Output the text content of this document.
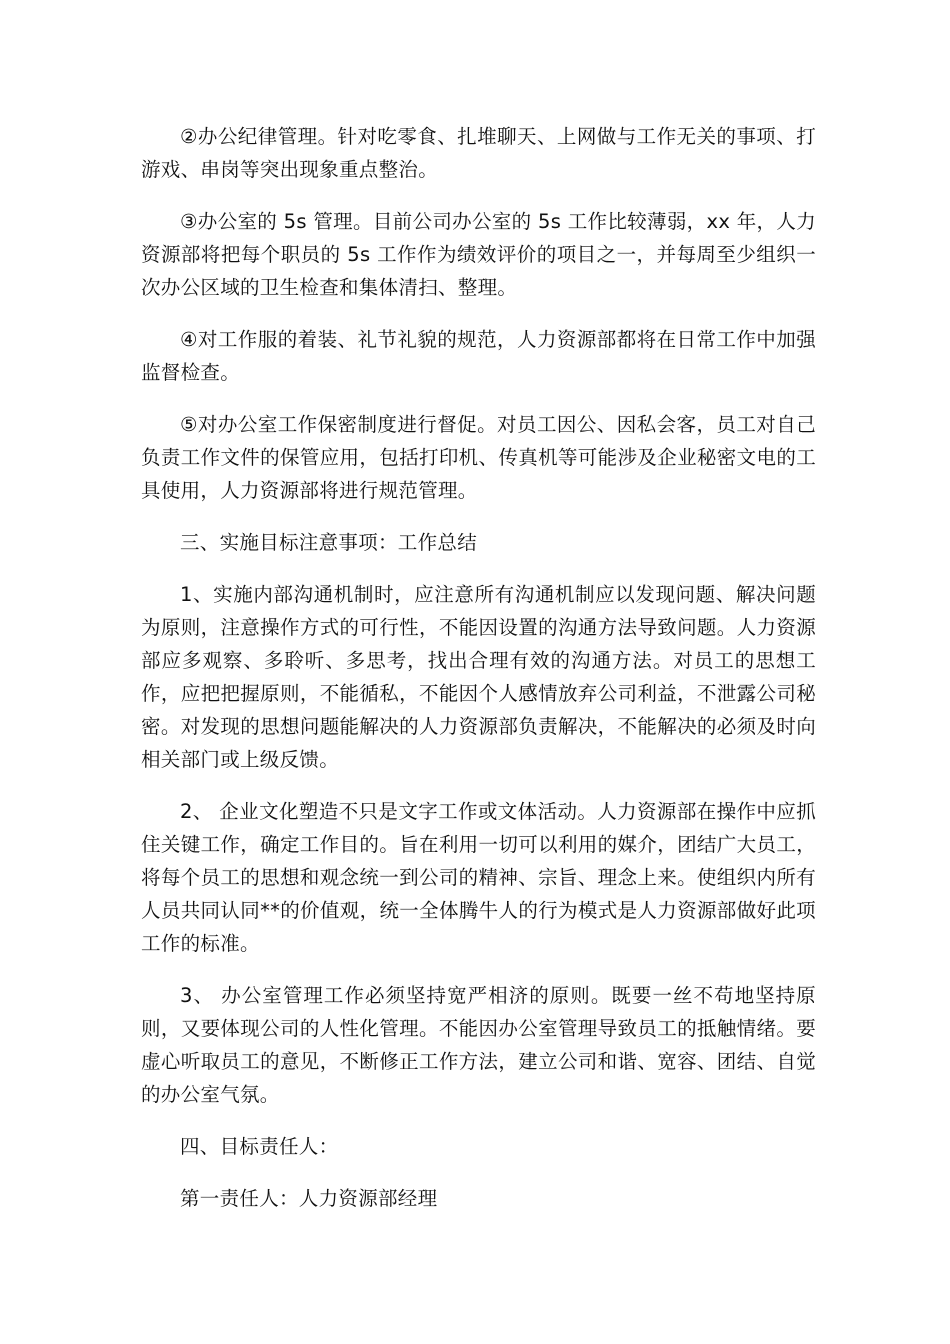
②办公纪律管理。针对吃零食、扎堆聊天、上网做与工作无关的事项、打游戏、串岗等突出现象重点整治。

③办公室的 5s 管理。目前公司办公室的 5s 工作比较薄弱，xx 年，人力资源部将把每个职员的 5s 工作作为绩效评价的项目之一，并每周至少组织一次办公区域的卫生检查和集体清扫、整理。

④对工作服的着装、礼节礼貌的规范，人力资源部都将在日常工作中加强监督检查。

⑤对办公室工作保密制度进行督促。对员工因公、因私会客，员工对自己负责工作文件的保管应用，包括打印机、传真机等可能涉及企业秘密文电的工具使用，人力资源部将进行规范管理。

三、实施目标注意事项：工作总结

1、实施内部沟通机制时，应注意所有沟通机制应以发现问题、解决问题为原则，注意操作方式的可行性，不能因设置的沟通方法导致问题。人力资源部应多观察、多聆听、多思考，找出合理有效的沟通方法。对员工的思想工作，应把把握原则，不能循私，不能因个人感情放弃公司利益，不泄露公司秘密。对发现的思想问题能解决的人力资源部负责解决，不能解决的必须及时向相关部门或上级反馈。

2、 企业文化塑造不只是文字工作或文体活动。人力资源部在操作中应抓住关键工作，确定工作目的。旨在利用一切可以利用的媒介，团结广大员工，将每个员工的思想和观念统一到公司的精神、宗旨、理念上来。使组织内所有人员共同认同**的价值观，统一全体腾牛人的行为模式是人力资源部做好此项工作的标准。

3、 办公室管理工作必须坚持宽严相济的原则。既要一丝不苟地坚持原则，又要体现公司的人性化管理。不能因办公室管理导致员工的抵触情绪。要虚心听取员工的意见，不断修正工作方法，建立公司和谐、宽容、团结、自觉的办公室气氛。

四、目标责任人：

第一责任人：人力资源部经理
